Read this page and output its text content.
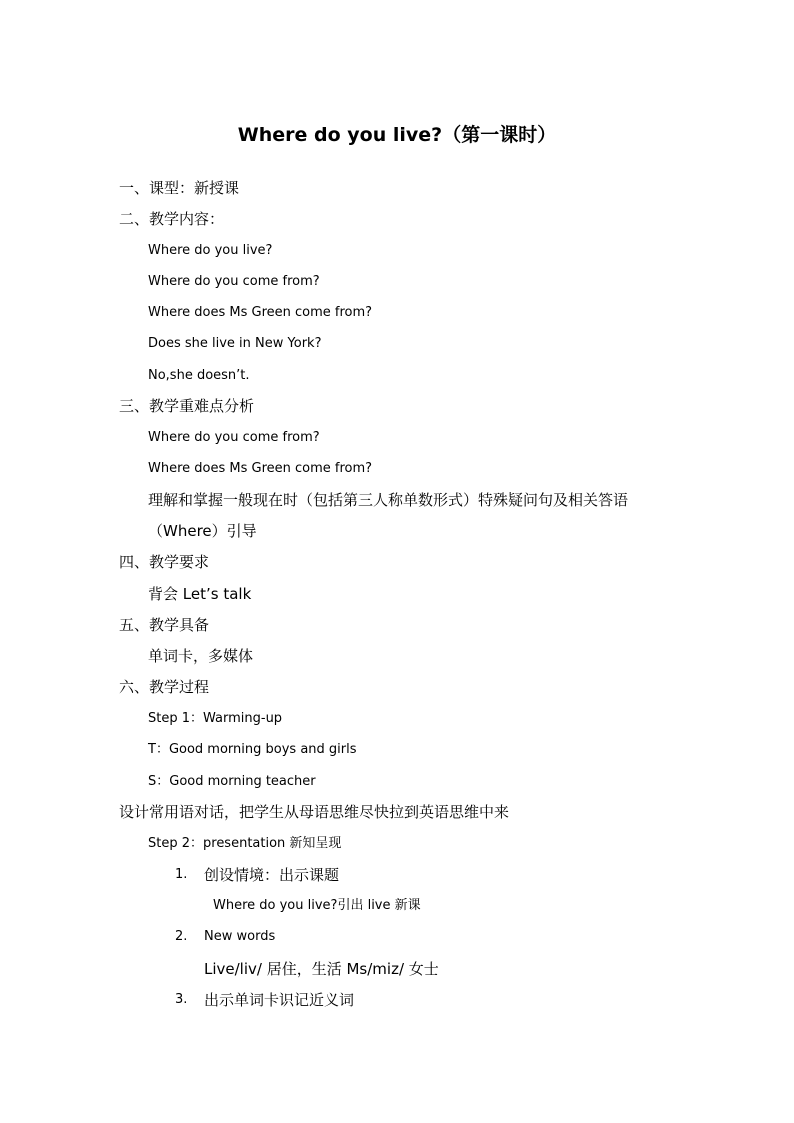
Where do you live?（第一课时）
一、课型：新授课
二、教学内容：
Where do you live?
Where do you come from?
Where does Ms Green come from?
Does she live in New York?
No,she doesn’t.
三、教学重难点分析
Where do you come from?
Where does Ms Green come from?
理解和掌握一般现在时（包括第三人称单数形式）特殊疑问句及相关答语
（Where）引导
四、教学要求
背会 Let’s talk
五、教学具备
单词卡，多媒体
六、教学过程
Step 1：Warming-up
T：Good morning boys and girls
S：Good morning teacher
设计常用语对话，把学生从母语思维尽快拉到英语思维中来
Step 2：presentation 新知呈现
1. 创设情境：出示课题
Where do you live?引出 live 新课
2. New words
Live/liv/ 居住，生活 Ms/miz/ 女士
3. 出示单词卡识记近义词
